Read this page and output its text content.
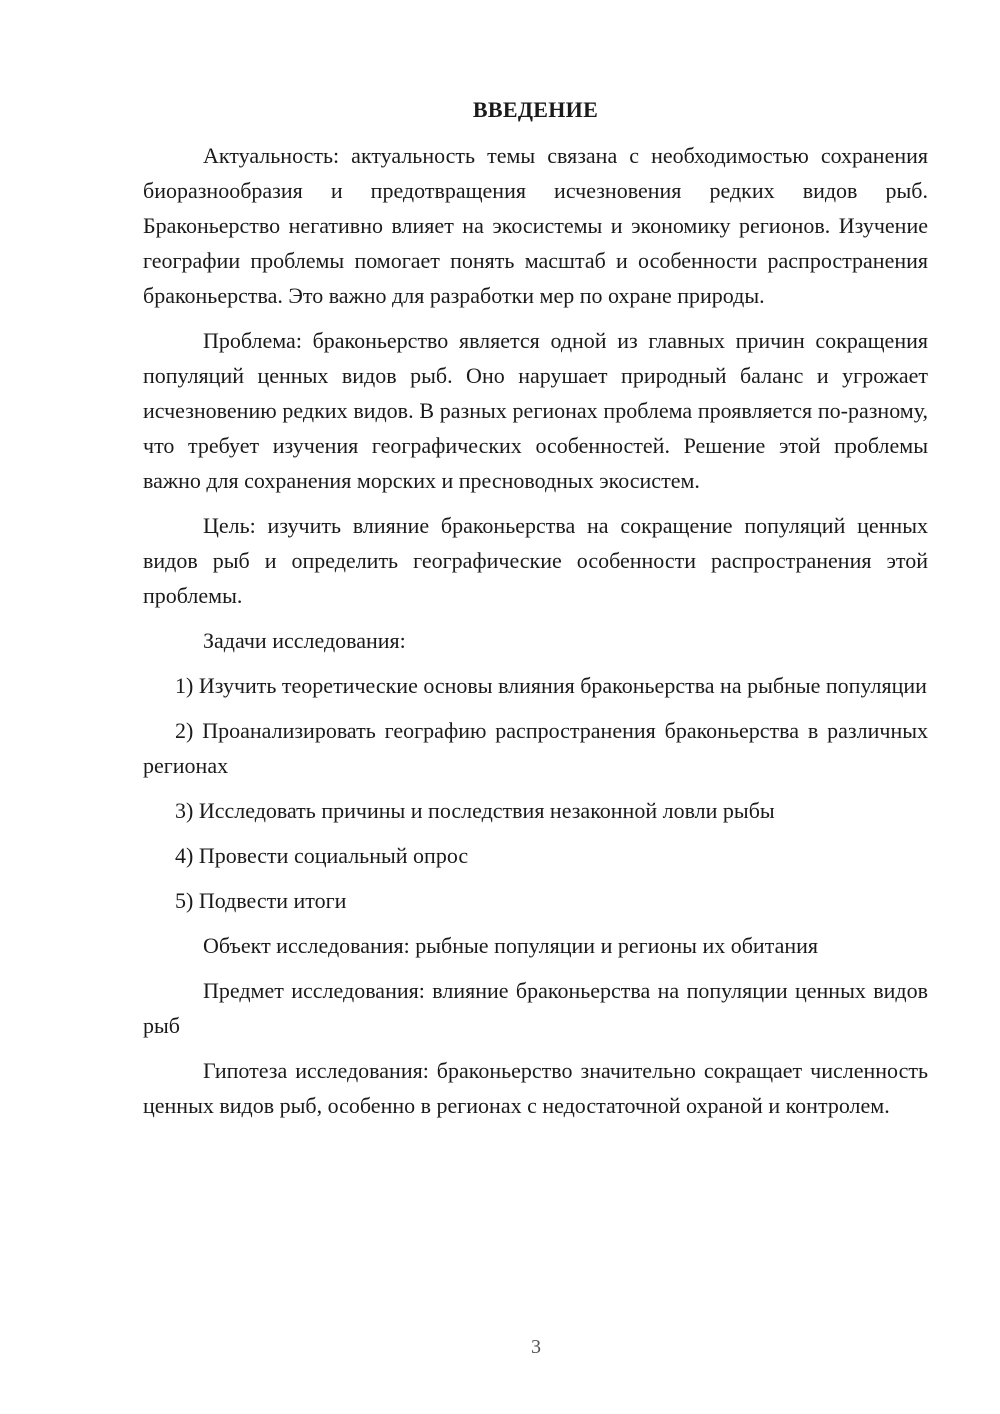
ВВЕДЕНИЕ

Актуальность: актуальность темы связана с необходимостью сохранения биоразнообразия и предотвращения исчезновения редких видов рыб. Браконьерство негативно влияет на экосистемы и экономику регионов. Изучение географии проблемы помогает понять масштаб и особенности распространения браконьерства. Это важно для разработки мер по охране природы.

Проблема: браконьерство является одной из главных причин сокращения популяций ценных видов рыб. Оно нарушает природный баланс и угрожает исчезновению редких видов. В разных регионах проблема проявляется по-разному, что требует изучения географических особенностей. Решение этой проблемы важно для сохранения морских и пресноводных экосистем.

Цель: изучить влияние браконьерства на сокращение популяций ценных видов рыб и определить географические особенности распространения этой проблемы.

Задачи исследования:

1) Изучить теоретические основы влияния браконьерства на рыбные популяции

2) Проанализировать географию распространения браконьерства в различных регионах

3) Исследовать причины и последствия незаконной ловли рыбы

4) Провести социальный опрос

5) Подвести итоги

Объект исследования: рыбные популяции и регионы их обитания

Предмет исследования: влияние браконьерства на популяции ценных видов рыб

Гипотеза исследования: браконьерство значительно сокращает численность ценных видов рыб, особенно в регионах с недостаточной охраной и контролем.

3
